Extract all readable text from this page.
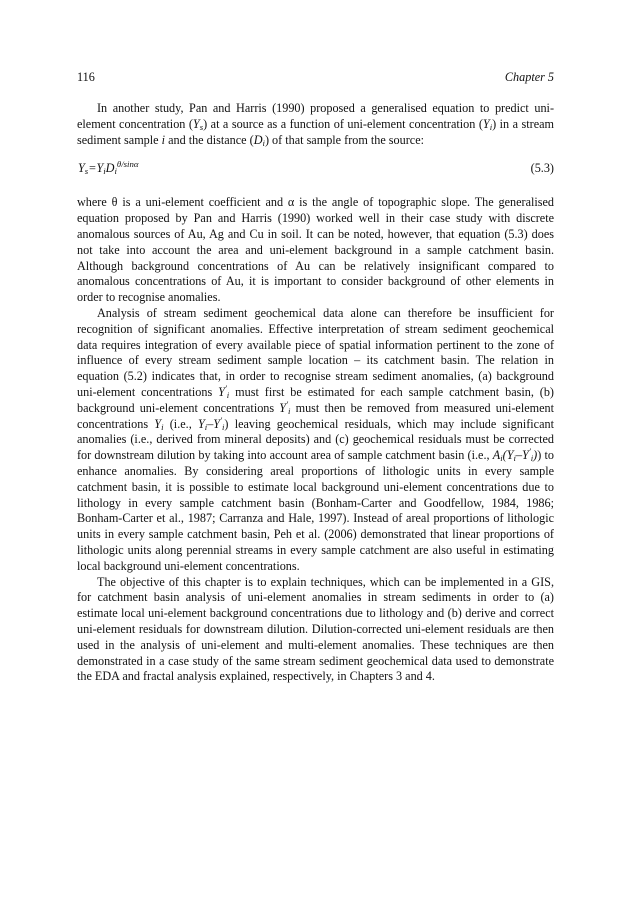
116	Chapter 5

In another study, Pan and Harris (1990) proposed a generalised equation to predict uni-element concentration $(Y_s)$ at a source as a function of uni-element concentration $(Y_i)$ in a stream sediment sample i and the distance $(D_i)$ of that sample from the source:

$Y_s=Y_iD_i^{\theta/sin\alpha}$	(5.3)

where θ is a uni-element coefficient and α is the angle of topographic slope. The generalised equation proposed by Pan and Harris (1990) worked well in their case study with discrete anomalous sources of Au, Ag and Cu in soil. It can be noted, however, that equation (5.3) does not take into account the area and uni-element background in a sample catchment basin. Although background concentrations of Au can be relatively insignificant compared to anomalous concentrations of Au, it is important to consider background of other elements in order to recognise anomalies.

Analysis of stream sediment geochemical data alone can therefore be insufficient for recognition of significant anomalies. Effective interpretation of stream sediment geochemical data requires integration of every available piece of spatial information pertinent to the zone of influence of every stream sediment sample location – its catchment basin. The relation in equation (5.2) indicates that, in order to recognise stream sediment anomalies, (a) background uni-element concentrations $Y'_i$ must first be estimated for each sample catchment basin, (b) background uni-element concentrations $Y'_i$ must then be removed from measured uni-element concentrations $Y_i$ (i.e., $Y_i-Y'_i$) leaving geochemical residuals, which may include significant anomalies (i.e., derived from mineral deposits) and (c) geochemical residuals must be corrected for downstream dilution by taking into account area of sample catchment basin (i.e., $A_i(Y_i-Y'_i)$) to enhance anomalies. By considering areal proportions of lithologic units in every sample catchment basin, it is possible to estimate local background uni-element concentrations due to lithology in every sample catchment basin (Bonham-Carter and Goodfellow, 1984, 1986; Bonham-Carter et al., 1987; Carranza and Hale, 1997). Instead of areal proportions of lithologic units in every sample catchment basin, Peh et al. (2006) demonstrated that linear proportions of lithologic units along perennial streams in every sample catchment are also useful in estimating local background uni-element concentrations.

The objective of this chapter is to explain techniques, which can be implemented in a GIS, for catchment basin analysis of uni-element anomalies in stream sediments in order to (a) estimate local uni-element background concentrations due to lithology and (b) derive and correct uni-element residuals for downstream dilution. Dilution-corrected uni-element residuals are then used in the analysis of uni-element and multi-element anomalies. These techniques are then demonstrated in a case study of the same stream sediment geochemical data used to demonstrate the EDA and fractal analysis explained, respectively, in Chapters 3 and 4.
